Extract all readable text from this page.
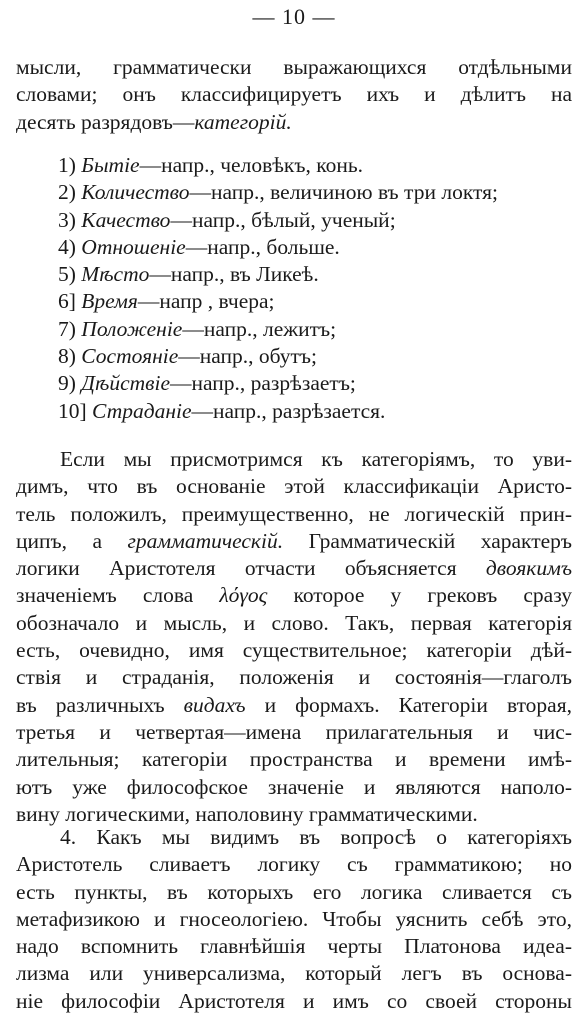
— 10 —
мысли, грамматически выражающихся отдѣльными
словами; онъ классифицируетъ ихъ и дѣлитъ на
десять разрядовъ—категорій.
1) Бытіе—напр., человѣкъ, конь.
2) Количество—напр., величиною въ три локтя;
3) Качество—напр., бѣлый, ученый;
4) Отношеніе—напр., больше.
5) Мѣсто—напр., въ Ликеѣ.
6] Время—напр , вчера;
7) Положеніе—напр., лежитъ;
8) Состояніе—напр., обутъ;
9) Дѣйствіе—напр., разрѣзаетъ;
10] Страданіе—напр., разрѣзается.
Если мы присмотримся къ категоріямъ, то уви-
димъ, что въ основаніе этой классификаціи Аристо-
тель положилъ, преимущественно, не логическій прин-
ципъ, а грамматическій. Грамматическій характеръ
логики Аристотеля отчасти объясняется двоякимъ
значеніемъ слова λόγος которое у грековъ сразу
обозначало и мысль, и слово. Такъ, первая категорія
есть, очевидно, имя существительное; категоріи дѣй-
ствія и страданія, положенія и состоянія—глаголъ
въ различныхъ видахъ и формахъ. Категоріи вторая,
третья и четвертая—имена прилагательныя и чис-
лительныя; категоріи пространства и времени имѣ-
ютъ уже философское значеніе и являются наполо-
вину логическими, наполовину грамматическими.
4. Какъ мы видимъ въ вопросѣ о категоріяхъ
Аристотель сливаетъ логику съ грамматикою; но
есть пункты, въ которыхъ его логика сливается съ
метафизикою и гносеологіею. Чтобы уяснить себѣ это,
надо вспомнить главнѣйшія черты Платонова идеа-
лизма или универсализма, который легъ въ основа-
ніе философіи Аристотеля и имъ со своей стороны
